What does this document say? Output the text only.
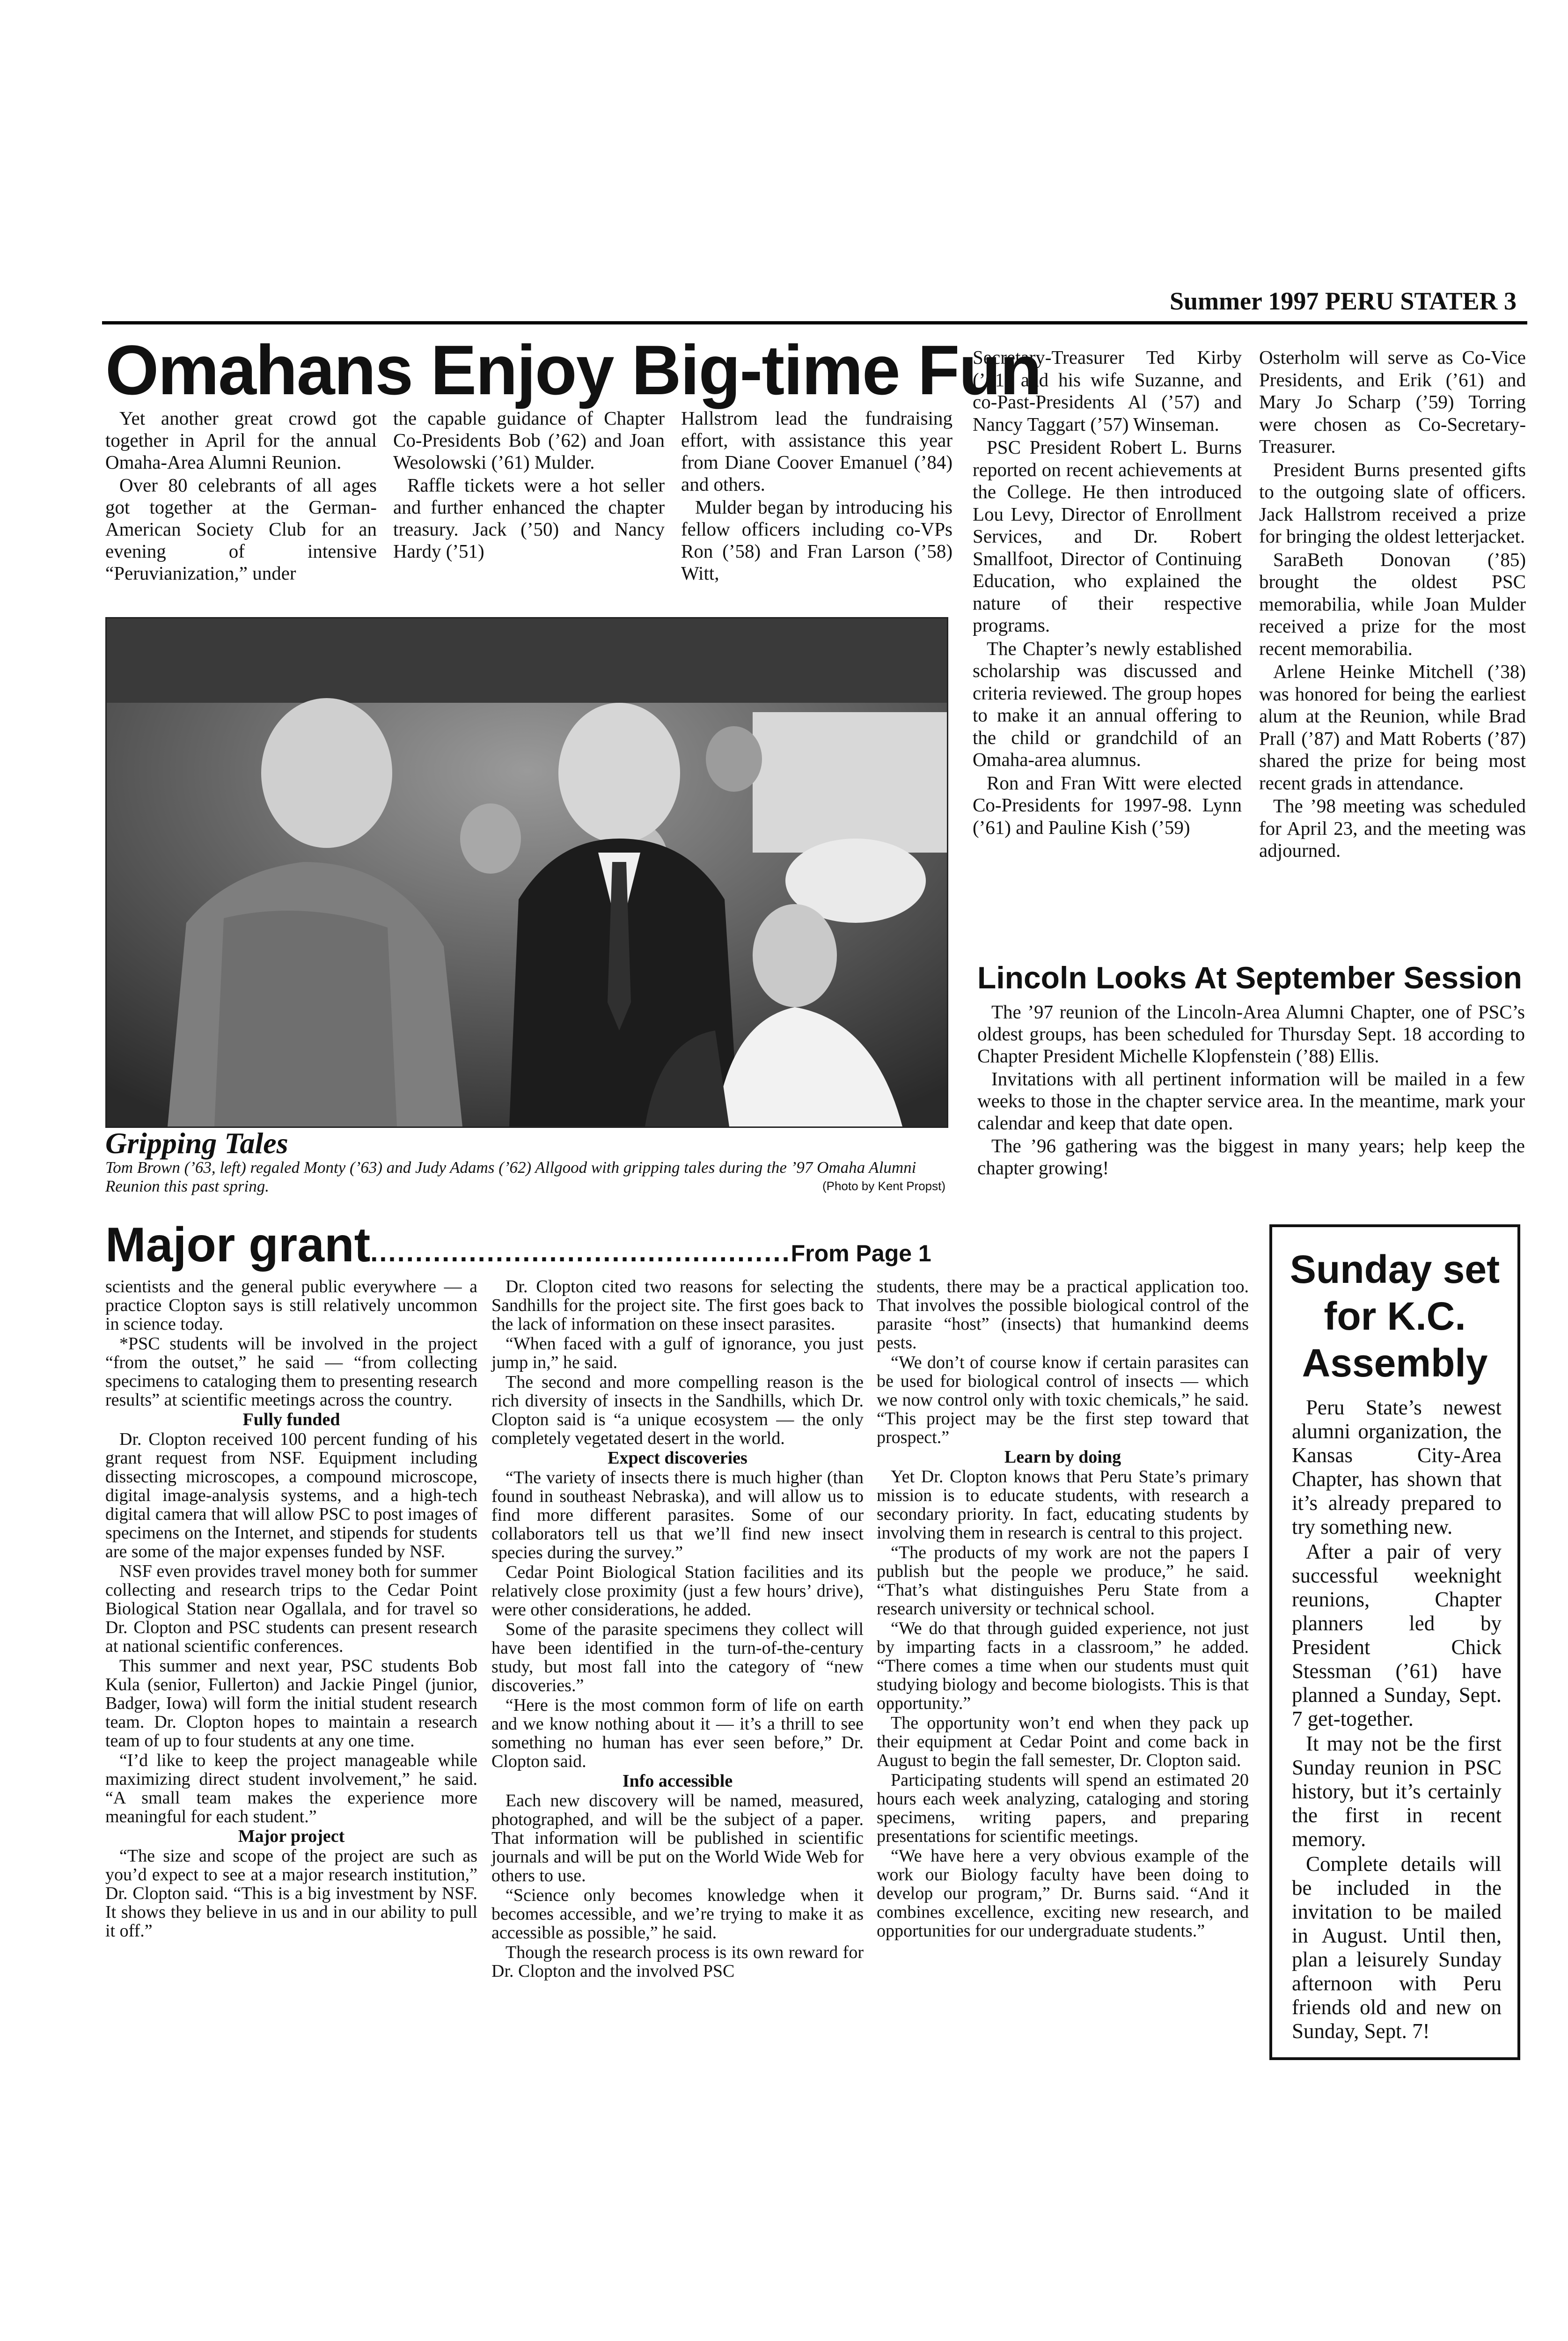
Summer 1997 PERU STATER 3
Omahans Enjoy Big-time Fun

Yet another great crowd got together in April for the annual Omaha-Area Alumni Reunion.

Over 80 celebrants of all ages got together at the German-American Society Club for an evening of intensive “Peruvianization,” under

the capable guidance of Chapter Co-Presidents Bob (’62) and Joan Wesolowski (’61) Mulder.

Raffle tickets were a hot seller and further enhanced the chapter treasury. Jack (’50) and Nancy Hardy (’51)

Hallstrom lead the fundraising effort, with assistance this year from Diane Coover Emanuel (’84) and others.

Mulder began by introducing his fellow officers including co-VPs Ron (’58) and Fran Larson (’58) Witt,

Gripping Tales
Tom Brown (’63, left) regaled Monty (’63) and Judy Adams (’62) Allgood with gripping tales during the ’97 Omaha Alumni Reunion this past spring.	(Photo by Kent Propst)

Secretary-Treasurer Ted Kirby (’61) and his wife Suzanne, and co-Past-Presidents Al (’57) and Nancy Taggart (’57) Winseman.

PSC President Robert L. Burns reported on recent achievements at the College. He then introduced Lou Levy, Director of Enrollment Services, and Dr. Robert Smallfoot, Director of Continuing Education, who explained the nature of their respective programs.

The Chapter’s newly established scholarship was discussed and criteria reviewed. The group hopes to make it an annual offering to the child or grandchild of an Omaha-area alumnus.

Ron and Fran Witt were elected Co-Presidents for 1997-98. Lynn (’61) and Pauline Kish (’59)

Osterholm will serve as Co-Vice Presidents, and Erik (’61) and Mary Jo Scharp (’59) Torring were chosen as Co-Secretary-Treasurer.

President Burns presented gifts to the outgoing slate of officers. Jack Hallstrom received a prize for bringing the oldest letterjacket.

SaraBeth Donovan (’85) brought the oldest PSC memorabilia, while Joan Mulder received a prize for the most recent memorabilia.

Arlene Heinke Mitchell (’38) was honored for being the earliest alum at the Reunion, while Brad Prall (’87) and Matt Roberts (’87) shared the prize for being most recent grads in attendance.

The ’98 meeting was scheduled for April 23, and the meeting was adjourned.

Lincoln Looks At September Session

The ’97 reunion of the Lincoln-Area Alumni Chapter, one of PSC’s oldest groups, has been scheduled for Thursday Sept. 18 according to Chapter President Michelle Klopfenstein (’88) Ellis.

Invitations with all pertinent information will be mailed in a few weeks to those in the chapter service area. In the meantime, mark your calendar and keep that date open.

The ’96 gathering was the biggest in many years; help keep the chapter growing!

Major grant...............................................From Page 1

scientists and the general public everywhere — a practice Clopton says is still relatively uncommon in science today.

*PSC students will be involved in the project “from the outset,” he said — “from collecting specimens to cataloging them to presenting research results” at scientific meetings across the country.

Fully funded

Dr. Clopton received 100 percent funding of his grant request from NSF. Equipment including dissecting microscopes, a compound microscope, digital image-analysis systems, and a high-tech digital camera that will allow PSC to post images of specimens on the Internet, and stipends for students are some of the major expenses funded by NSF.

NSF even provides travel money both for summer collecting and research trips to the Cedar Point Biological Station near Ogallala, and for travel so Dr. Clopton and PSC students can present research at national scientific conferences.

This summer and next year, PSC students Bob Kula (senior, Fullerton) and Jackie Pingel (junior, Badger, Iowa) will form the initial student research team. Dr. Clopton hopes to maintain a research team of up to four students at any one time.

“I’d like to keep the project manageable while maximizing direct student involvement,” he said. “A small team makes the experience more meaningful for each student.”

Major project

“The size and scope of the project are such as you’d expect to see at a major research institution,” Dr. Clopton said. “This is a big investment by NSF. It shows they believe in us and in our ability to pull it off.”

Dr. Clopton cited two reasons for selecting the Sandhills for the project site. The first goes back to the lack of information on these insect parasites.

“When faced with a gulf of ignorance, you just jump in,” he said.

The second and more compelling reason is the rich diversity of insects in the Sandhills, which Dr. Clopton said is “a unique ecosystem — the only completely vegetated desert in the world.

Expect discoveries

“The variety of insects there is much higher (than found in southeast Nebraska), and will allow us to find more different parasites. Some of our collaborators tell us that we’ll find new insect species during the survey.”

Cedar Point Biological Station facilities and its relatively close proximity (just a few hours’ drive), were other considerations, he added.

Some of the parasite specimens they collect will have been identified in the turn-of-the-century study, but most fall into the category of “new discoveries.”

“Here is the most common form of life on earth and we know nothing about it — it’s a thrill to see something no human has ever seen before,” Dr. Clopton said.

Info accessible

Each new discovery will be named, measured, photographed, and will be the subject of a paper. That information will be published in scientific journals and will be put on the World Wide Web for others to use.

“Science only becomes knowledge when it becomes accessible, and we’re trying to make it as accessible as possible,” he said.

Though the research process is its own reward for Dr. Clopton and the involved PSC

students, there may be a practical application too. That involves the possible biological control of the parasite “host” (insects) that humankind deems pests.

“We don’t of course know if certain parasites can be used for biological control of insects — which we now control only with toxic chemicals,” he said. “This project may be the first step toward that prospect.”

Learn by doing

Yet Dr. Clopton knows that Peru State’s primary mission is to educate students, with research a secondary priority. In fact, educating students by involving them in research is central to this project.

“The products of my work are not the papers I publish but the people we produce,” he said. “That’s what distinguishes Peru State from a research university or technical school.

“We do that through guided experience, not just by imparting facts in a classroom,” he added. “There comes a time when our students must quit studying biology and become biologists. This is that opportunity.”

The opportunity won’t end when they pack up their equipment at Cedar Point and come back in August to begin the fall semester, Dr. Clopton said.

Participating students will spend an estimated 20 hours each week analyzing, cataloging and storing specimens, writing papers, and preparing presentations for scientific meetings.

“We have here a very obvious example of the work our Biology faculty have been doing to develop our program,” Dr. Burns said. “And it combines excellence, exciting new research, and opportunities for our undergraduate students.”

Sunday set for K.C. Assembly

Peru State’s newest alumni organization, the Kansas City-Area Chapter, has shown that it’s already prepared to try something new.

After a pair of very successful weeknight reunions, Chapter planners led by President Chick Stessman (’61) have planned a Sunday, Sept. 7 get-together.

It may not be the first Sunday reunion in PSC history, but it’s certainly the first in recent memory.

Complete details will be included in the invitation to be mailed in August. Until then, plan a leisurely Sunday afternoon with Peru friends old and new on Sunday, Sept. 7!
